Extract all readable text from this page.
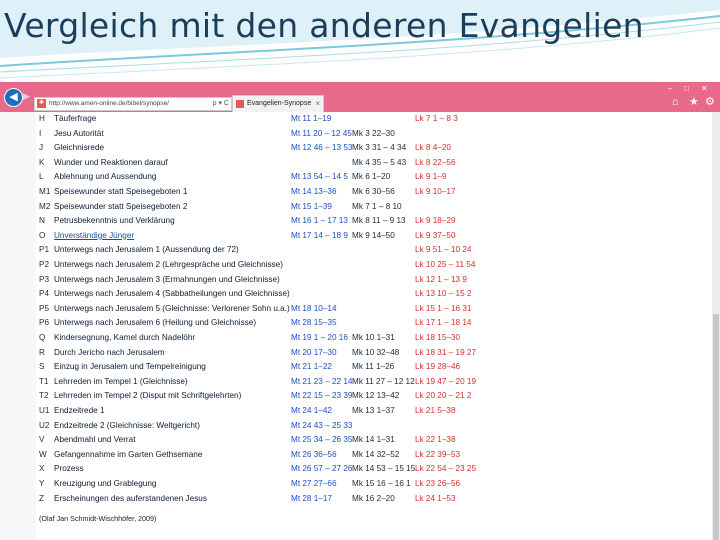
Vergleich mit den anderen Evangelien
◀ ▶
✱ http://www.amen-online.de/bibel/synopse/	ρ ▾ C	Evangelien-Synopse ×
– □ ✕
⌂ ★ ⚙
H Täuferfrage	Mt 11 1–19	Lk 7 1 – 8 3
I Jesu Autorität	Mt 11 20 – 12 45 Mk 3 22–30
J Gleichnisrede	Mt 12 46 – 13 53 Mk 3 31 – 4 34 Lk 8 4–20
K Wunder und Reaktionen darauf	Mk 4 35 – 5 43 Lk 8 22–56
L Ablehnung und Aussendung	Mt 13 54 – 14 5 Mk 6 1–20	Lk 9 1–9
M1 Speisewunder statt Speisegeboten 1	Mt 14 13–36 Mk 6 30–56 Lk 9 10–17
M2 Speisewunder statt Speisegeboten 2	Mt 15 1–39 Mk 7 1 – 8 10
N Petrusbekenntnis und Verklärung	Mt 16 1 – 17 13 Mk 8 11 – 9 13 Lk 9 18–29
O Unverständige Jünger	Mt 17 14 – 18 9 Mk 9 14–50 Lk 9 37–50
P1 Unterwegs nach Jerusalem 1 (Aussendung der 72)	Lk 9 51 – 10 24
P2 Unterwegs nach Jerusalem 2 (Lehrgespräche und Gleichnisse)	Lk 10 25 – 11 54
P3 Unterwegs nach Jerusalem 3 (Ermahnungen und Gleichnisse)	Lk 12 1 – 13 9
P4 Unterwegs nach Jerusalem 4 (Sabbatheilungen und Gleichnisse)	Lk 13 10 – 15 2
P5 Unterwegs nach Jerusalem 5 (Gleichnisse: Verlorener Sohn u.a.) Mt 18 10–14	Lk 15 1 – 16 31
P6 Unterwegs nach Jerusalem 6 (Heilung und Gleichnisse)	Mt 28 15–35	Lk 17 1 – 18 14
Q Kindersegnung, Kamel durch Nadelöhr	Mt 19 1 – 20 16 Mk 10 1–31 Lk 18 15–30
R Durch Jericho nach Jerusalem	Mt 20 17–30 Mk 10 32–48 Lk 18 31 – 19 27
S Einzug in Jerusalem und Tempelreinigung	Mt 21 1–22 Mk 11 1–26	Lk 19 28–46
T1 Lehrreden im Tempel 1 (Gleichnisse)	Mt 21 23 – 22 14 Mk 11 27 – 12 12 Lk 19 47 – 20 19
T2 Lehrreden im Tempel 2 (Disput mit Schriftgelehrten)	Mt 22 15 – 23 39 Mk 12 13–42 Lk 20 20 – 21 2
U1 Endzeitrede 1	Mt 24 1–42 Mk 13 1–37 Lk 21 5–38
U2 Endzeitrede 2 (Gleichnisse: Weltgericht)	Mt 24 43 – 25 33
V Abendmahl und Verrat	Mt 25 34 – 26 35 Mk 14 1–31 Lk 22 1–38
W Gefangennahme im Garten Gethsemane	Mt 26 36–56 Mk 14 32–52 Lk 22 39–53
X Prozess	Mt 26 57 – 27 26 Mk 14 53 – 15 15 Lk 22 54 – 23 25
Y Kreuzigung und Grablegung	Mt 27 27–66 Mk 15 16 – 16 1 Lk 23 26–56
Z Erscheinungen des auferstandenen Jesus	Mt 28 1–17 Mk 16 2–20 Lk 24 1–53
(Olaf Jan Schmidt-Wischhöfer, 2009)
